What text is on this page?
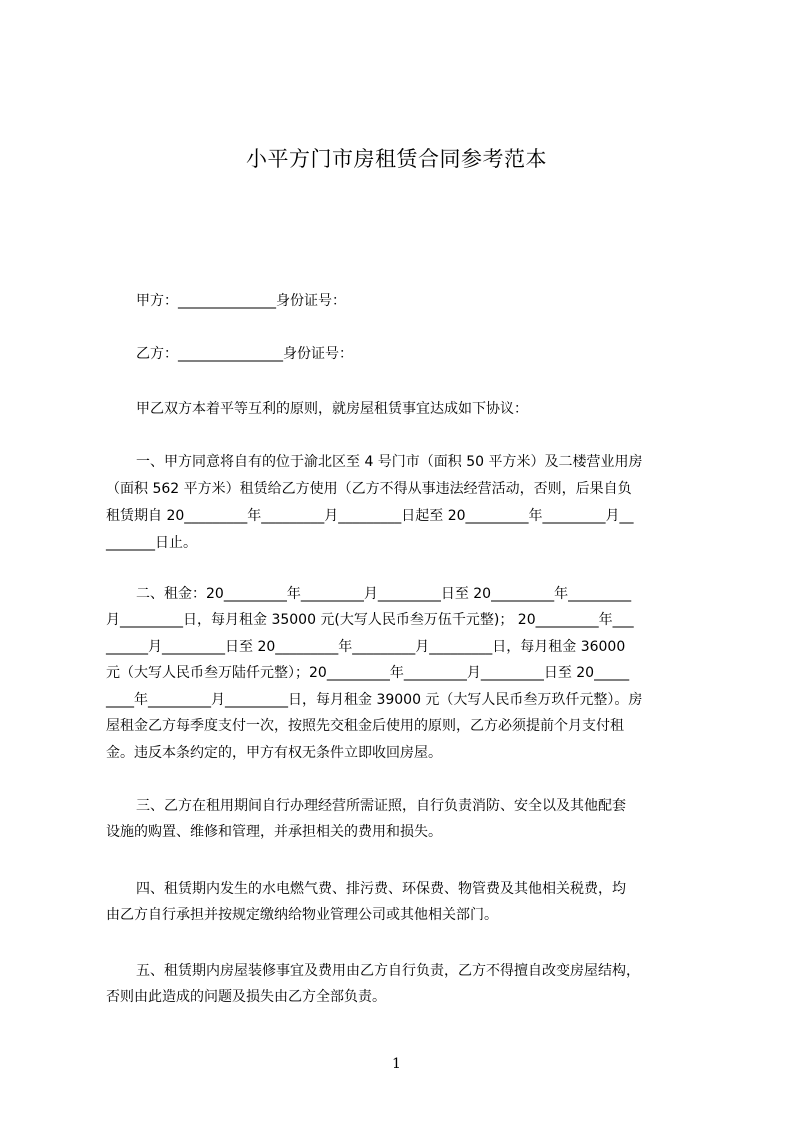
小平方门市房租赁合同参考范本
甲方：______________身份证号：
乙方：_______________身份证号：
甲乙双方本着平等互利的原则，就房屋租赁事宜达成如下协议：
一、甲方同意将自有的位于渝北区至 4 号门市（面积 50 平方米）及二楼营业用房
（面积 562 平方米）租赁给乙方使用（乙方不得从事违法经营活动，否则，后果自负
租赁期自 20_________年_________月_________日起至 20_________年_________月__
_______日止。
二、租金：20_________年_________月_________日至 20_________年_________
月_________日，每月租金 35000 元(大写人民币叁万伍千元整)； 20_________年___
______月_________日至 20_________年_________月_________日，每月租金 36000
元（大写人民币叁万陆仟元整）；20_________年_________月_________日至 20_____
____年_________月_________日，每月租金 39000 元（大写人民币叁万玖仟元整）。房
屋租金乙方每季度支付一次，按照先交租金后使用的原则，乙方必须提前个月支付租
金。违反本条约定的，甲方有权无条件立即收回房屋。
三、乙方在租用期间自行办理经营所需证照，自行负责消防、安全以及其他配套
设施的购置、维修和管理，并承担相关的费用和损失。
四、租赁期内发生的水电燃气费、排污费、环保费、物管费及其他相关税费，均
由乙方自行承担并按规定缴纳给物业管理公司或其他相关部门。
五、租赁期内房屋装修事宜及费用由乙方自行负责，乙方不得擅自改变房屋结构，
否则由此造成的问题及损失由乙方全部负责。
1
